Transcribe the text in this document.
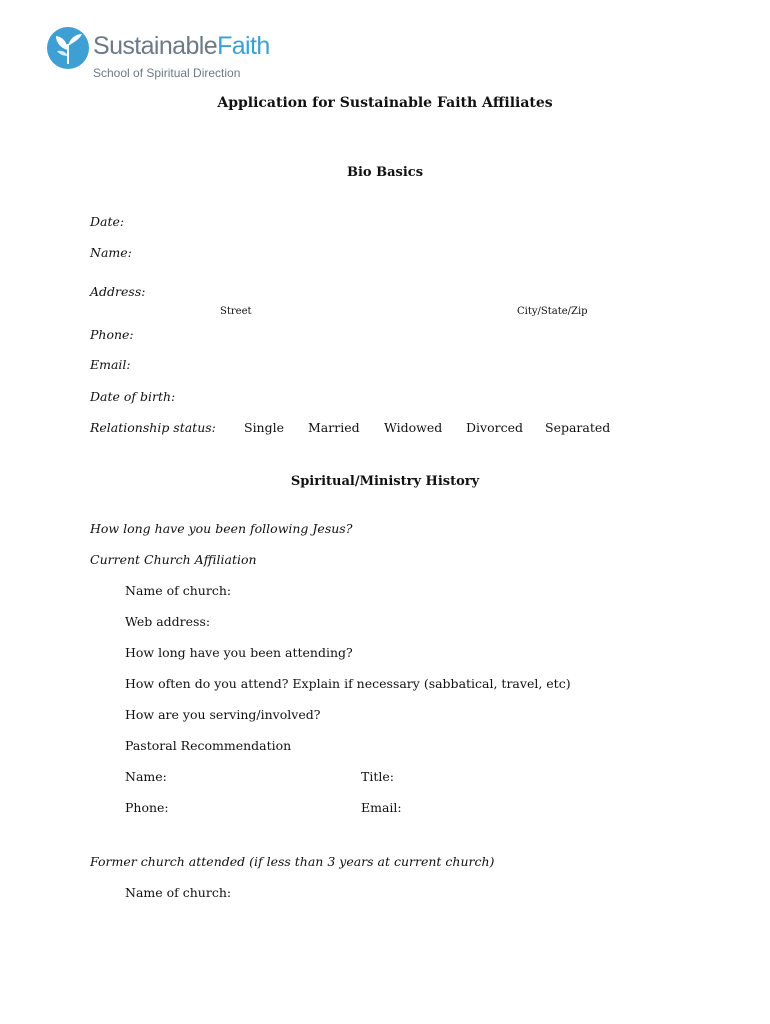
SustainableFaith
School of Spiritual Direction
Application for Sustainable Faith Affiliates
Bio Basics
Date:
Name:
Address:
Street	City/State/Zip
Phone:
Email:
Date of birth:
Relationship status: Single Married Widowed Divorced Separated
Spiritual/Ministry History
How long have you been following Jesus?
Current Church Affiliation
Name of church:
Web address:
How long have you been attending?
How often do you attend? Explain if necessary (sabbatical, travel, etc)
How are you serving/involved?
Pastoral Recommendation
Name:	Title:
Phone:	Email:
Former church attended (if less than 3 years at current church)
Name of church:
